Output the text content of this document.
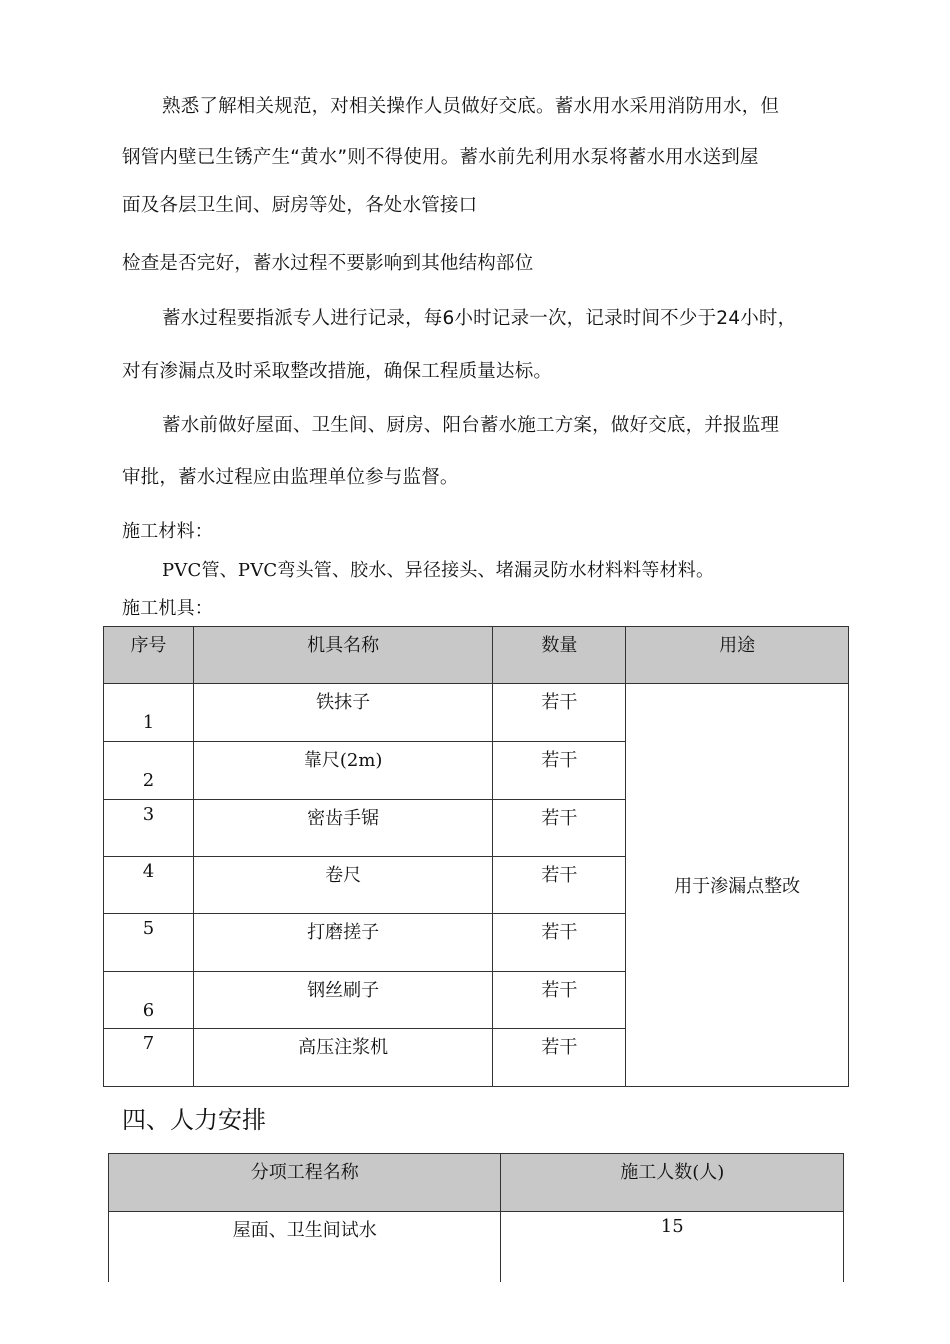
熟悉了解相关规范，对相关操作人员做好交底。蓄水用水采用消防用水，但
钢管内壁已生锈产生“黄水”则不得使用。蓄水前先利用水泵将蓄水用水送到屋
面及各层卫生间、厨房等处，各处水管接口
检查是否完好，蓄水过程不要影响到其他结构部位
蓄水过程要指派专人进行记录，每6小时记录一次，记录时间不少于24小时，
对有渗漏点及时采取整改措施，确保工程质量达标。
蓄水前做好屋面、卫生间、厨房、阳台蓄水施工方案，做好交底，并报监理
审批，蓄水过程应由监理单位参与监督。
施工材料：
PVC管、PVC弯头管、胶水、异径接头、堵漏灵防水材料料等材料。
施工机具：
序号	机具名称	数量	用途
1	铁抹子	若干	用于渗漏点整改
2	靠尺(2m)	若干	
3	密齿手锯	若干	
4	卷尺	若干	
5	打磨搓子	若干	
6	钢丝刷子	若干	
7	高压注浆机	若干	
四、人力安排
分项工程名称	施工人数(人)
屋面、卫生间试水	15
